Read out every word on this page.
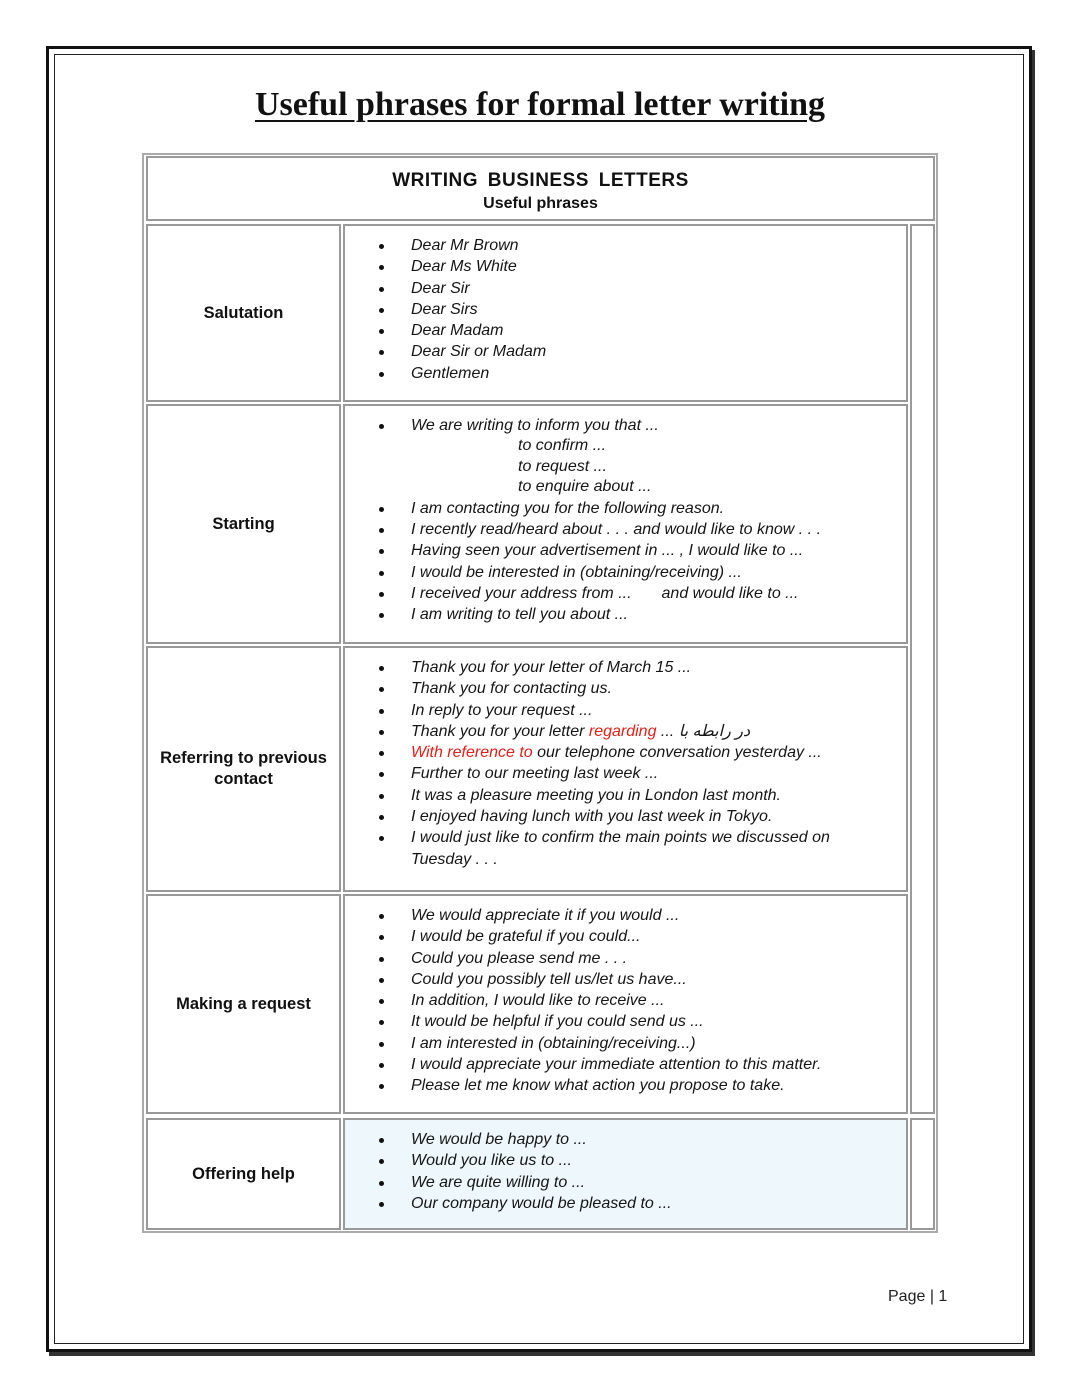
Useful phrases for formal letter writing
WRITING BUSINESS LETTERS
Useful phrases
Salutation
Dear Mr Brown
Dear Ms White
Dear Sir
Dear Sirs
Dear Madam
Dear Sir or Madam
Gentlemen
Starting
We are writing to inform you that ...
to confirm ...
to request ...
to enquire about ...
I am contacting you for the following reason.
I recently read/heard about . . . and would like to know . . .
Having seen your advertisement in ... , I would like to ...
I would be interested in (obtaining/receiving) ...
I received your address from ... and would like to ...
I am writing to tell you about ...
Referring to previous contact
Thank you for your letter of March 15 ...
Thank you for contacting us.
In reply to your request ...
Thank you for your letter regarding ... در رابطه با
With reference to our telephone conversation yesterday ...
Further to our meeting last week ...
It was a pleasure meeting you in London last month.
I enjoyed having lunch with you last week in Tokyo.
I would just like to confirm the main points we discussed on Tuesday . . .
Making a request
We would appreciate it if you would ...
I would be grateful if you could...
Could you please send me . . .
Could you possibly tell us/let us have...
In addition, I would like to receive ...
It would be helpful if you could send us ...
I am interested in (obtaining/receiving...)
I would appreciate your immediate attention to this matter.
Please let me know what action you propose to take.
Offering help
We would be happy to ...
Would you like us to ...
We are quite willing to ...
Our company would be pleased to ...
Page | 1
